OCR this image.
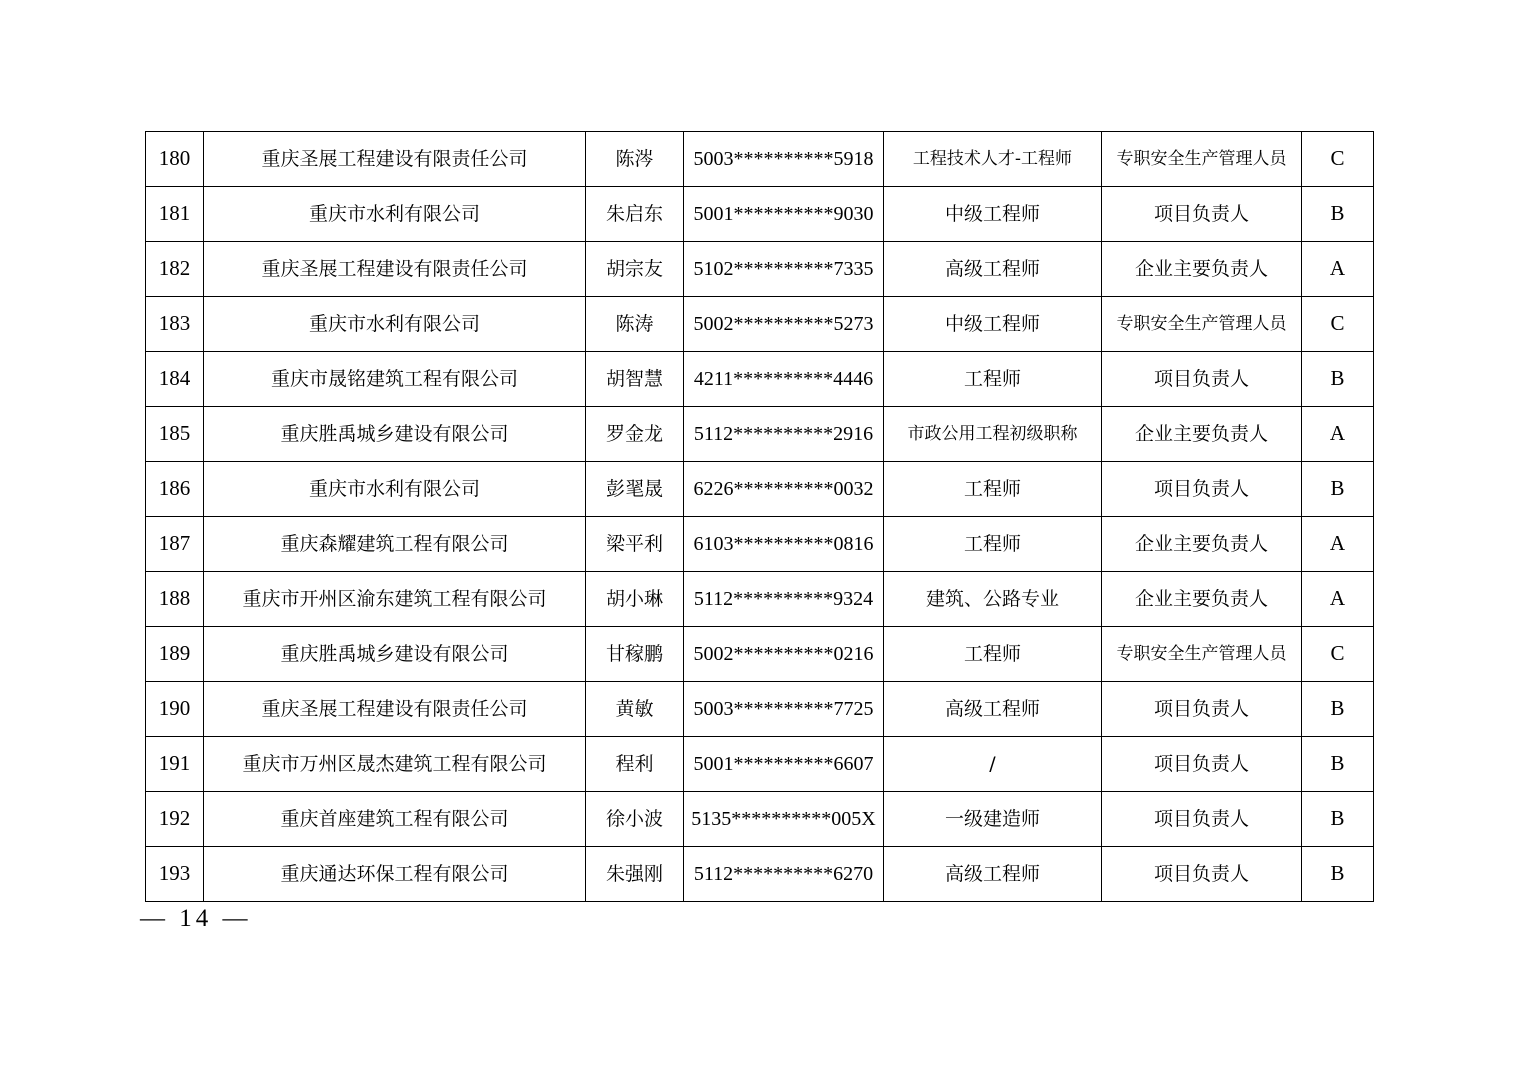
180	重庆圣展工程建设有限责任公司	陈涔	5003**********5918	工程技术人才-工程师	专职安全生产管理人员	C
181	重庆市水利有限公司	朱启东	5001**********9030	中级工程师	项目负责人	B
182	重庆圣展工程建设有限责任公司	胡宗友	5102**********7335	高级工程师	企业主要负责人	A
183	重庆市水利有限公司	陈涛	5002**********5273	中级工程师	专职安全生产管理人员	C
184	重庆市晟铭建筑工程有限公司	胡智慧	4211**********4446	工程师	项目负责人	B
185	重庆胜禹城乡建设有限公司	罗金龙	5112**********2916	市政公用工程初级职称	企业主要负责人	A
186	重庆市水利有限公司	彭毣晟	6226**********0032	工程师	项目负责人	B
187	重庆森耀建筑工程有限公司	梁平利	6103**********0816	工程师	企业主要负责人	A
188	重庆市开州区渝东建筑工程有限公司	胡小琳	5112**********9324	建筑、公路专业	企业主要负责人	A
189	重庆胜禹城乡建设有限公司	甘稼鹏	5002**********0216	工程师	专职安全生产管理人员	C
190	重庆圣展工程建设有限责任公司	黄敏	5003**********7725	高级工程师	项目负责人	B
191	重庆市万州区晟杰建筑工程有限公司	程利	5001**********6607	/	项目负责人	B
192	重庆首座建筑工程有限公司	徐小波	5135**********005X	一级建造师	项目负责人	B
193	重庆通达环保工程有限公司	朱强刚	5112**********6270	高级工程师	项目负责人	B
— 14 —
